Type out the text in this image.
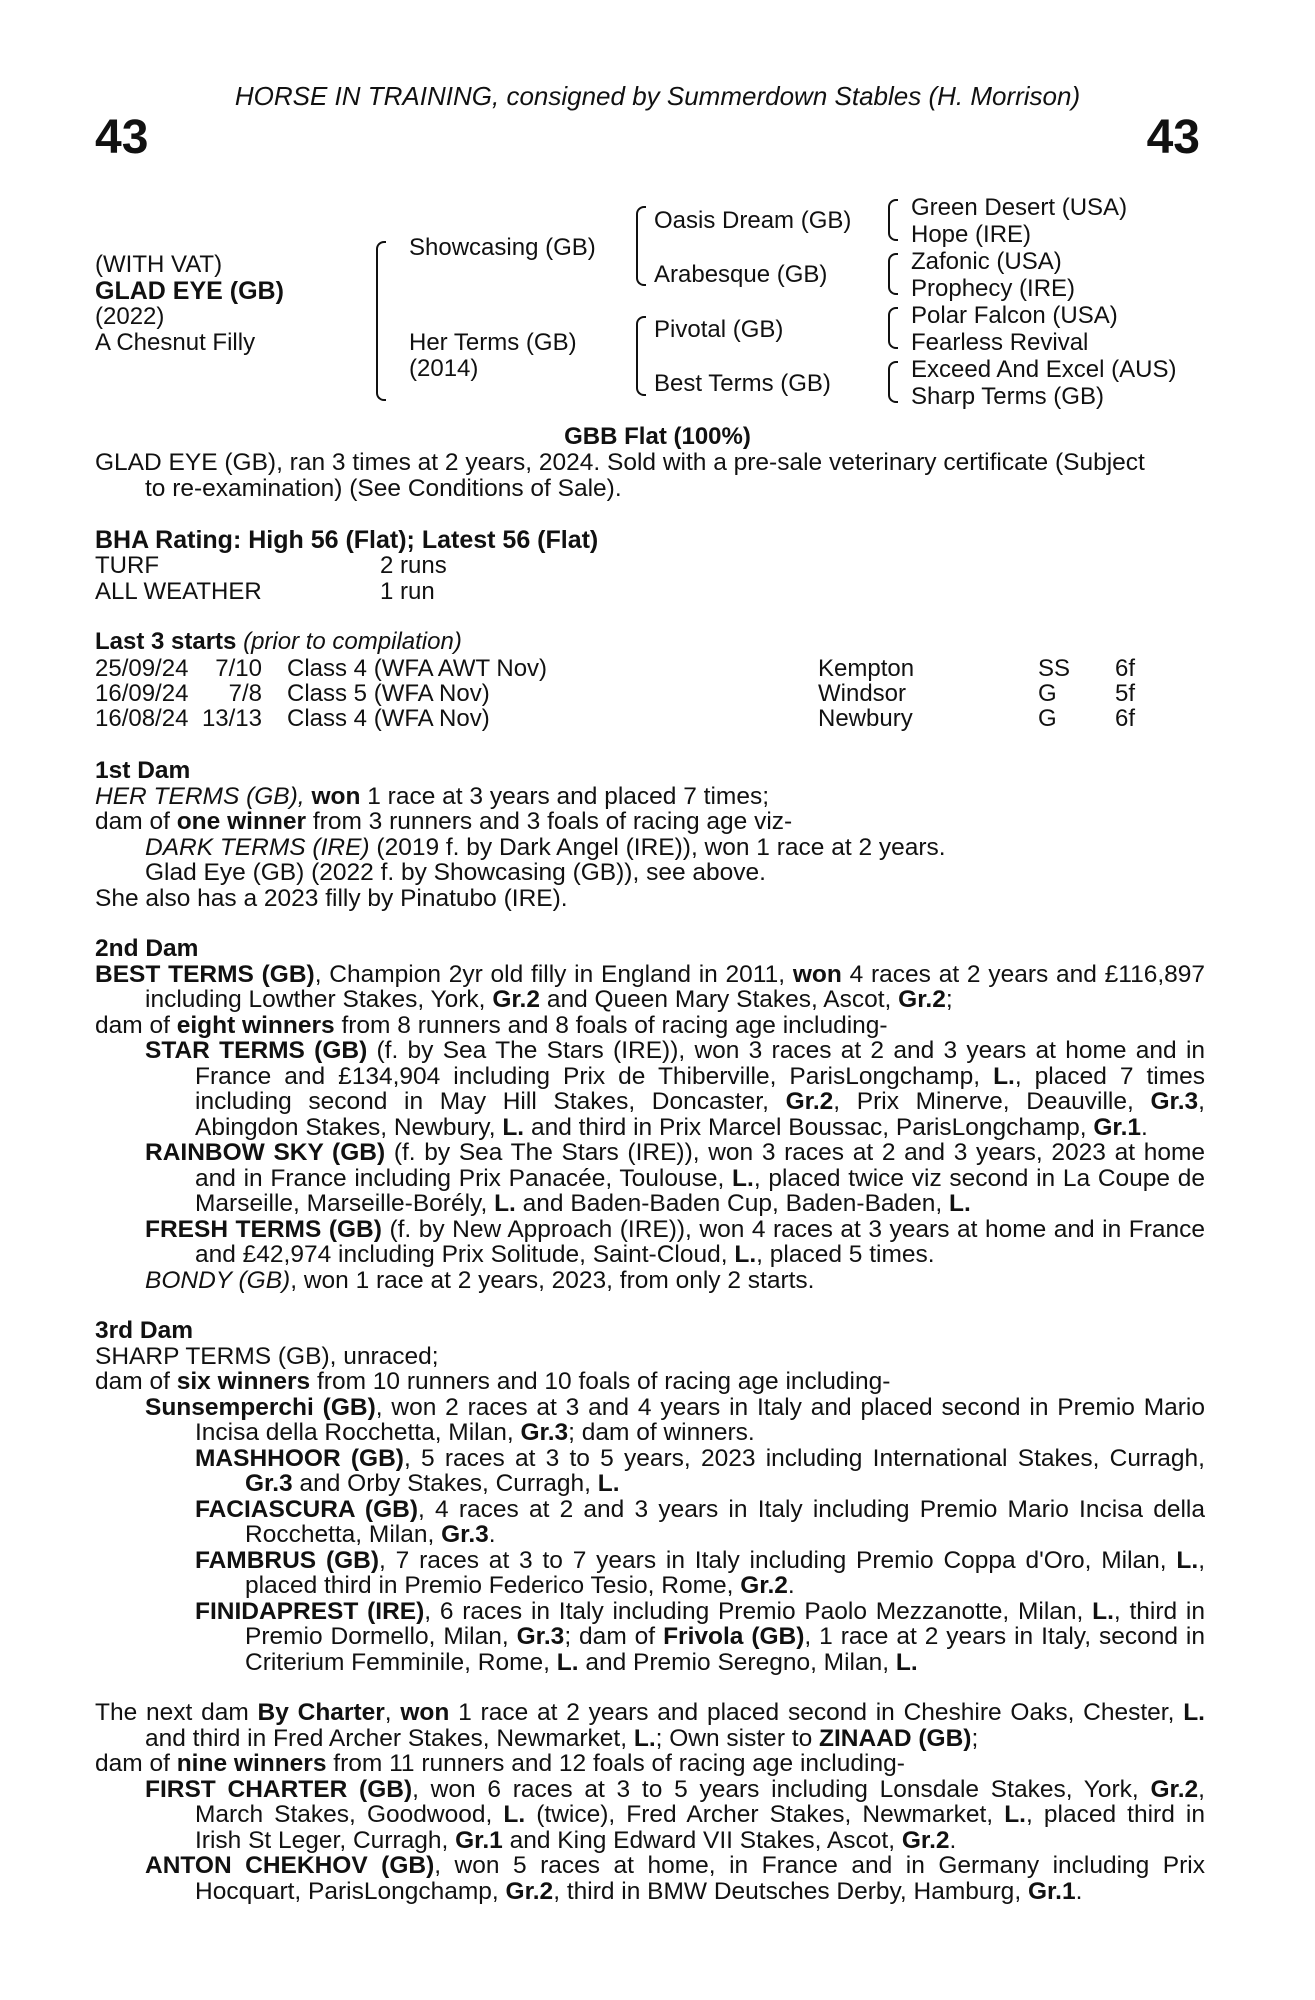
HORSE IN TRAINING, consigned by Summerdown Stables (H. Morrison)
43	43
(WITH VAT)
GLAD EYE (GB)
(2022)
A Chesnut Filly
Showcasing (GB)
Her Terms (GB)
(2014)
Oasis Dream (GB)
Arabesque (GB)
Pivotal (GB)
Best Terms (GB)
Green Desert (USA)
Hope (IRE)
Zafonic (USA)
Prophecy (IRE)
Polar Falcon (USA)
Fearless Revival
Exceed And Excel (AUS)
Sharp Terms (GB)
GBB Flat (100%)

GLAD EYE (GB), ran 3 times at 2 years, 2024. Sold with a pre-sale veterinary certificate (Subject

to re-examination) (See Conditions of Sale).

BHA Rating: High 56 (Flat); Latest 56 (Flat)
TURF	2 runs
ALL WEATHER	1 run
Last 3 starts (prior to compilation)
25/09/24	7/10 Class 4 (WFA AWT Nov)	Kempton	SS 6f
16/09/24	7/8 Class 5 (WFA Nov)	Windsor	G 5f
16/08/24 13/13 Class 4 (WFA Nov)	Newbury	G 6f

1st Dam

HER TERMS (GB), won 1 race at 3 years and placed 7 times;

dam of one winner from 3 runners and 3 foals of racing age viz-

DARK TERMS (IRE) (2019 f. by Dark Angel (IRE)), won 1 race at 2 years.

Glad Eye (GB) (2022 f. by Showcasing (GB)), see above.

She also has a 2023 filly by Pinatubo (IRE).

2nd Dam

BEST TERMS (GB), Champion 2yr old filly in England in 2011, won 4 races at 2 years and £116,897 including Lowther Stakes, York, Gr.2 and Queen Mary Stakes, Ascot, Gr.2;

dam of eight winners from 8 runners and 8 foals of racing age including-

STAR TERMS (GB) (f. by Sea The Stars (IRE)), won 3 races at 2 and 3 years at home and in France and £134,904 including Prix de Thiberville, ParisLongchamp, L., placed 7 times including second in May Hill Stakes, Doncaster, Gr.2, Prix Minerve, Deauville, Gr.3, Abingdon Stakes, Newbury, L. and third in Prix Marcel Boussac, ParisLongchamp, Gr.1.

RAINBOW SKY (GB) (f. by Sea The Stars (IRE)), won 3 races at 2 and 3 years, 2023 at home and in France including Prix Panacée, Toulouse, L., placed twice viz second in La Coupe de Marseille, Marseille-Borély, L. and Baden-Baden Cup, Baden-Baden, L.

FRESH TERMS (GB) (f. by New Approach (IRE)), won 4 races at 3 years at home and in France and £42,974 including Prix Solitude, Saint-Cloud, L., placed 5 times.

BONDY (GB), won 1 race at 2 years, 2023, from only 2 starts.

3rd Dam

SHARP TERMS (GB), unraced;

dam of six winners from 10 runners and 10 foals of racing age including-

Sunsemperchi (GB), won 2 races at 3 and 4 years in Italy and placed second in Premio Mario Incisa della Rocchetta, Milan, Gr.3; dam of winners.

MASHHOOR (GB), 5 races at 3 to 5 years, 2023 including International Stakes, Curragh, Gr.3 and Orby Stakes, Curragh, L.

FACIASCURA (GB), 4 races at 2 and 3 years in Italy including Premio Mario Incisa della Rocchetta, Milan, Gr.3.

FAMBRUS (GB), 7 races at 3 to 7 years in Italy including Premio Coppa d'Oro, Milan, L., placed third in Premio Federico Tesio, Rome, Gr.2.

FINIDAPREST (IRE), 6 races in Italy including Premio Paolo Mezzanotte, Milan, L., third in Premio Dormello, Milan, Gr.3; dam of Frivola (GB), 1 race at 2 years in Italy, second in Criterium Femminile, Rome, L. and Premio Seregno, Milan, L.

The next dam By Charter, won 1 race at 2 years and placed second in Cheshire Oaks, Chester, L. and third in Fred Archer Stakes, Newmarket, L.; Own sister to ZINAAD (GB);

dam of nine winners from 11 runners and 12 foals of racing age including-

FIRST CHARTER (GB), won 6 races at 3 to 5 years including Lonsdale Stakes, York, Gr.2, March Stakes, Goodwood, L. (twice), Fred Archer Stakes, Newmarket, L., placed third in Irish St Leger, Curragh, Gr.1 and King Edward VII Stakes, Ascot, Gr.2.

ANTON CHEKHOV (GB), won 5 races at home, in France and in Germany including Prix Hocquart, ParisLongchamp, Gr.2, third in BMW Deutsches Derby, Hamburg, Gr.1.
